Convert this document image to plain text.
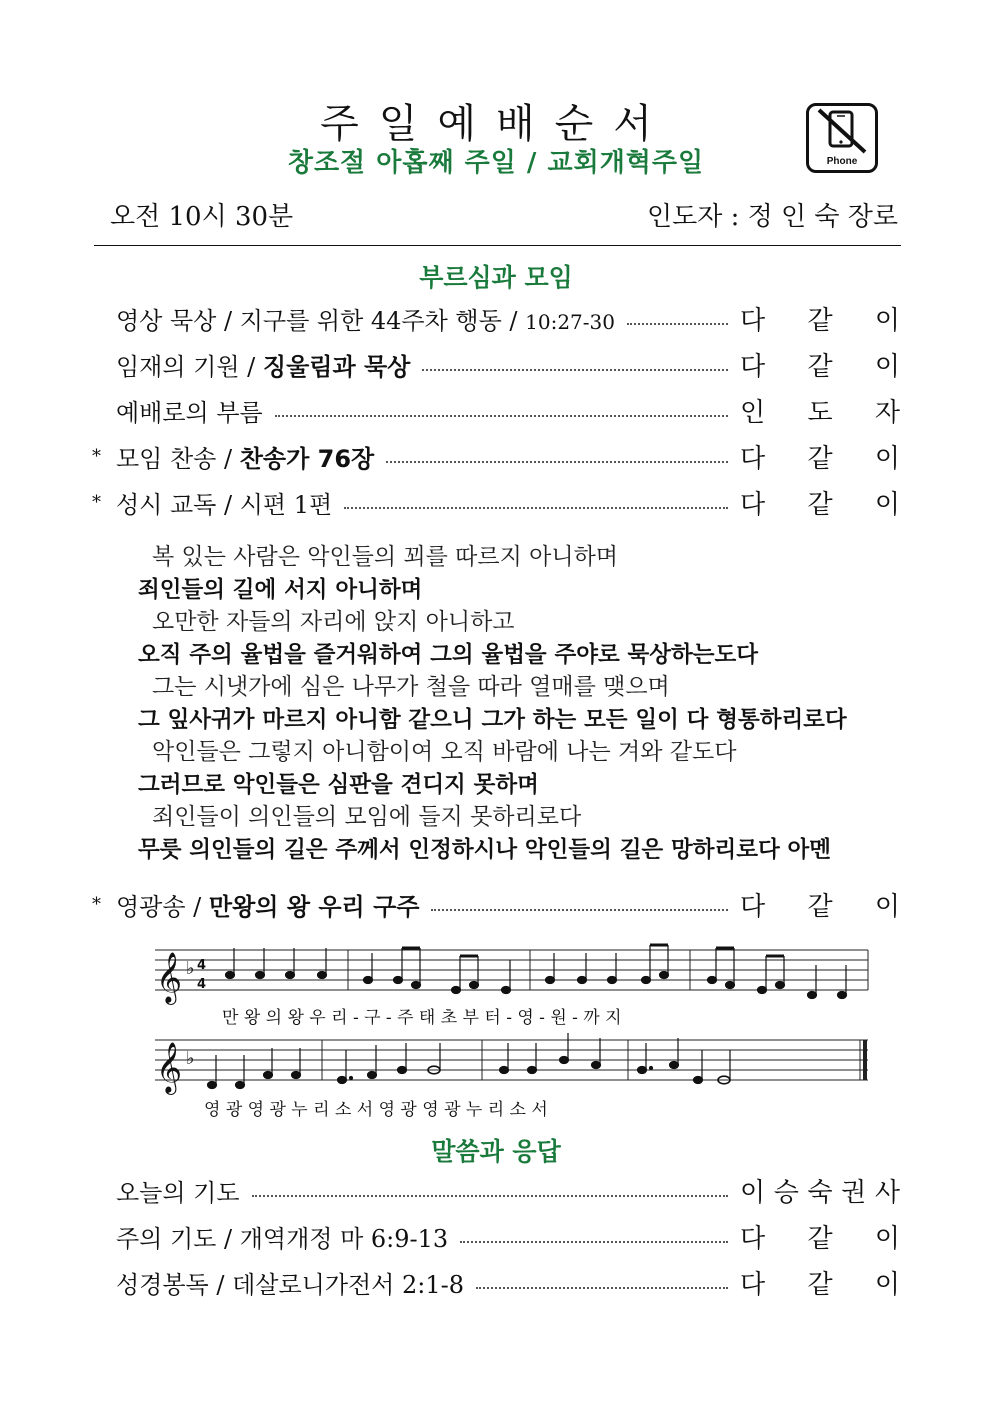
주일예배순서
창조절 아홉째 주일 / 교회개혁주일	Phone
오전 10시 30분	인도자 : 정 인 숙 장로
부르심과 모임
영상 묵상 / 지구를 위한 44주차 행동 / 10:27-30	다 같 이
임재의 기원 / 징울림과 묵상	다 같 이
예배로의 부름	인 도 자
* 모임 찬송 / 찬송가 76장	다 같 이
* 성시 교독 / 시편 1편	다 같 이
복 있는 사람은 악인들의 꾀를 따르지 아니하며
죄인들의 길에 서지 아니하며
오만한 자들의 자리에 앉지 아니하고
오직 주의 율법을 즐거워하여 그의 율법을 주야로 묵상하는도다
그는 시냇가에 심은 나무가 철을 따라 열매를 맺으며
그 잎사귀가 마르지 아니함 같으니 그가 하는 모든 일이 다 형통하리로다
악인들은 그렇지 아니함이여 오직 바람에 나는 겨와 같도다
그러므로 악인들은 심판을 견디지 못하며
죄인들이 의인들의 모임에 들지 못하리로다
무릇 의인들의 길은 주께서 인정하시나 악인들의 길은 망하리로다 아멘
* 영광송 / 만왕의 왕 우리 구주	다 같 이
𝄞 ♭ 4
4
만 왕 의 왕 우 리 - 구 - 주 태 초 부 터 - 영 - 원 - 까 지
𝄞 ♭
영 광 영 광 누 리 소 서 영 광 영 광 누 리 소 서
말씀과 응답
오늘의 기도	이 승 숙 권 사
주의 기도 / 개역개정 마 6:9-13	다 같 이
성경봉독 / 데살로니가전서 2:1-8	다 같 이
